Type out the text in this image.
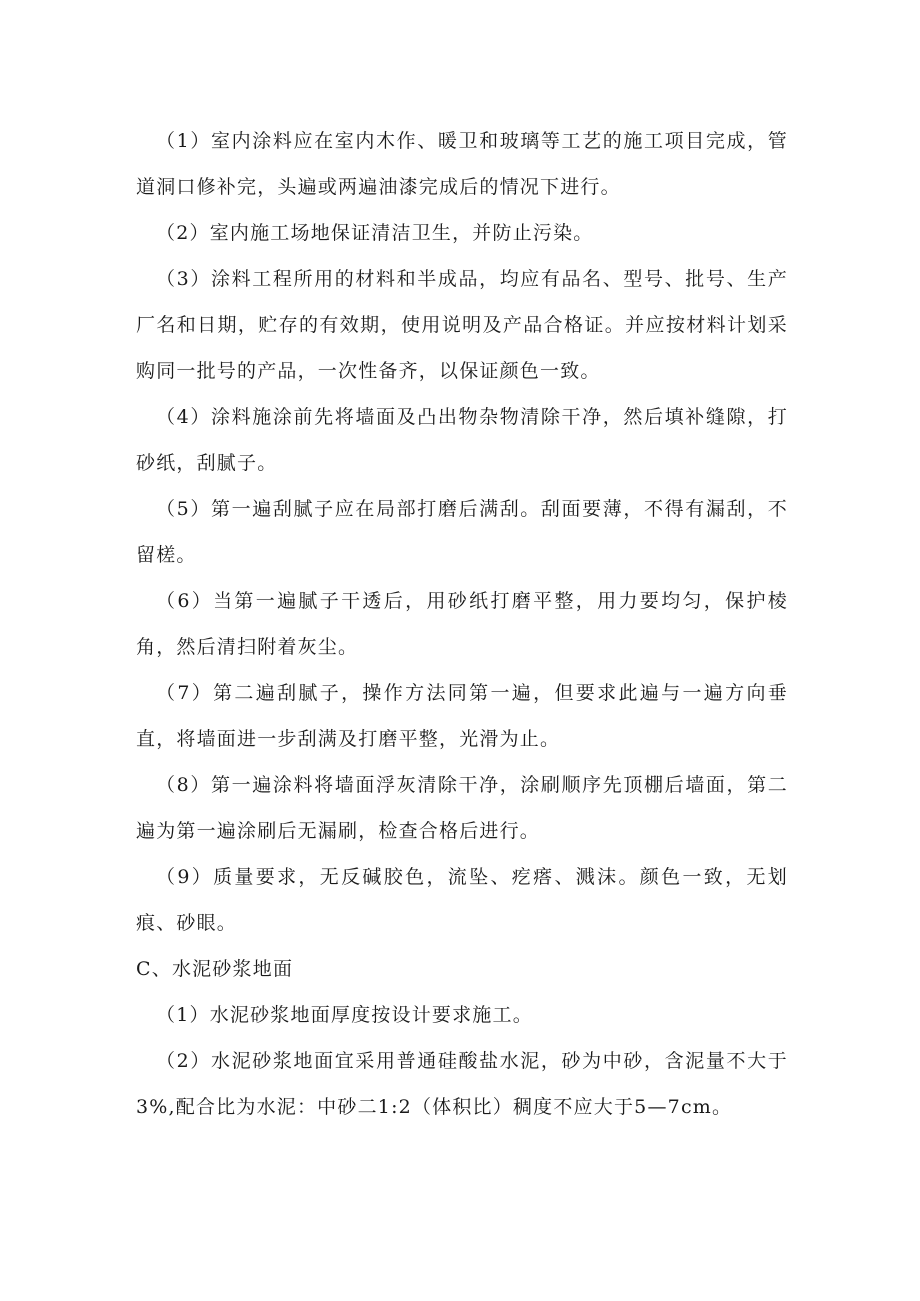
（1）室内涂料应在室内木作、暖卫和玻璃等工艺的施工项目完成，管道洞口修补完，头遍或两遍油漆完成后的情况下进行。

（2）室内施工场地保证清洁卫生，并防止污染。

（3）涂料工程所用的材料和半成品，均应有品名、型号、批号、生产厂名和日期，贮存的有效期，使用说明及产品合格证。并应按材料计划采购同一批号的产品，一次性备齐，以保证颜色一致。

（4）涂料施涂前先将墙面及凸出物杂物清除干净，然后填补缝隙，打砂纸，刮腻子。

（5）第一遍刮腻子应在局部打磨后满刮。刮面要薄，不得有漏刮，不留槎。

（6）当第一遍腻子干透后，用砂纸打磨平整，用力要均匀，保护棱角，然后清扫附着灰尘。

（7）第二遍刮腻子，操作方法同第一遍，但要求此遍与一遍方向垂直，将墙面进一步刮满及打磨平整，光滑为止。

（8）第一遍涂料将墙面浮灰清除干净，涂刷顺序先顶棚后墙面，第二遍为第一遍涂刷后无漏刷，检查合格后进行。

（9）质量要求，无反碱胶色，流坠、疙瘩、溅沫。颜色一致，无划痕、砂眼。

C、水泥砂浆地面

（1）水泥砂浆地面厚度按设计要求施工。

（2）水泥砂浆地面宜采用普通硅酸盐水泥，砂为中砂，含泥量不大于3%,配合比为水泥：中砂二1:2（体积比）稠度不应大于5—7cm。
